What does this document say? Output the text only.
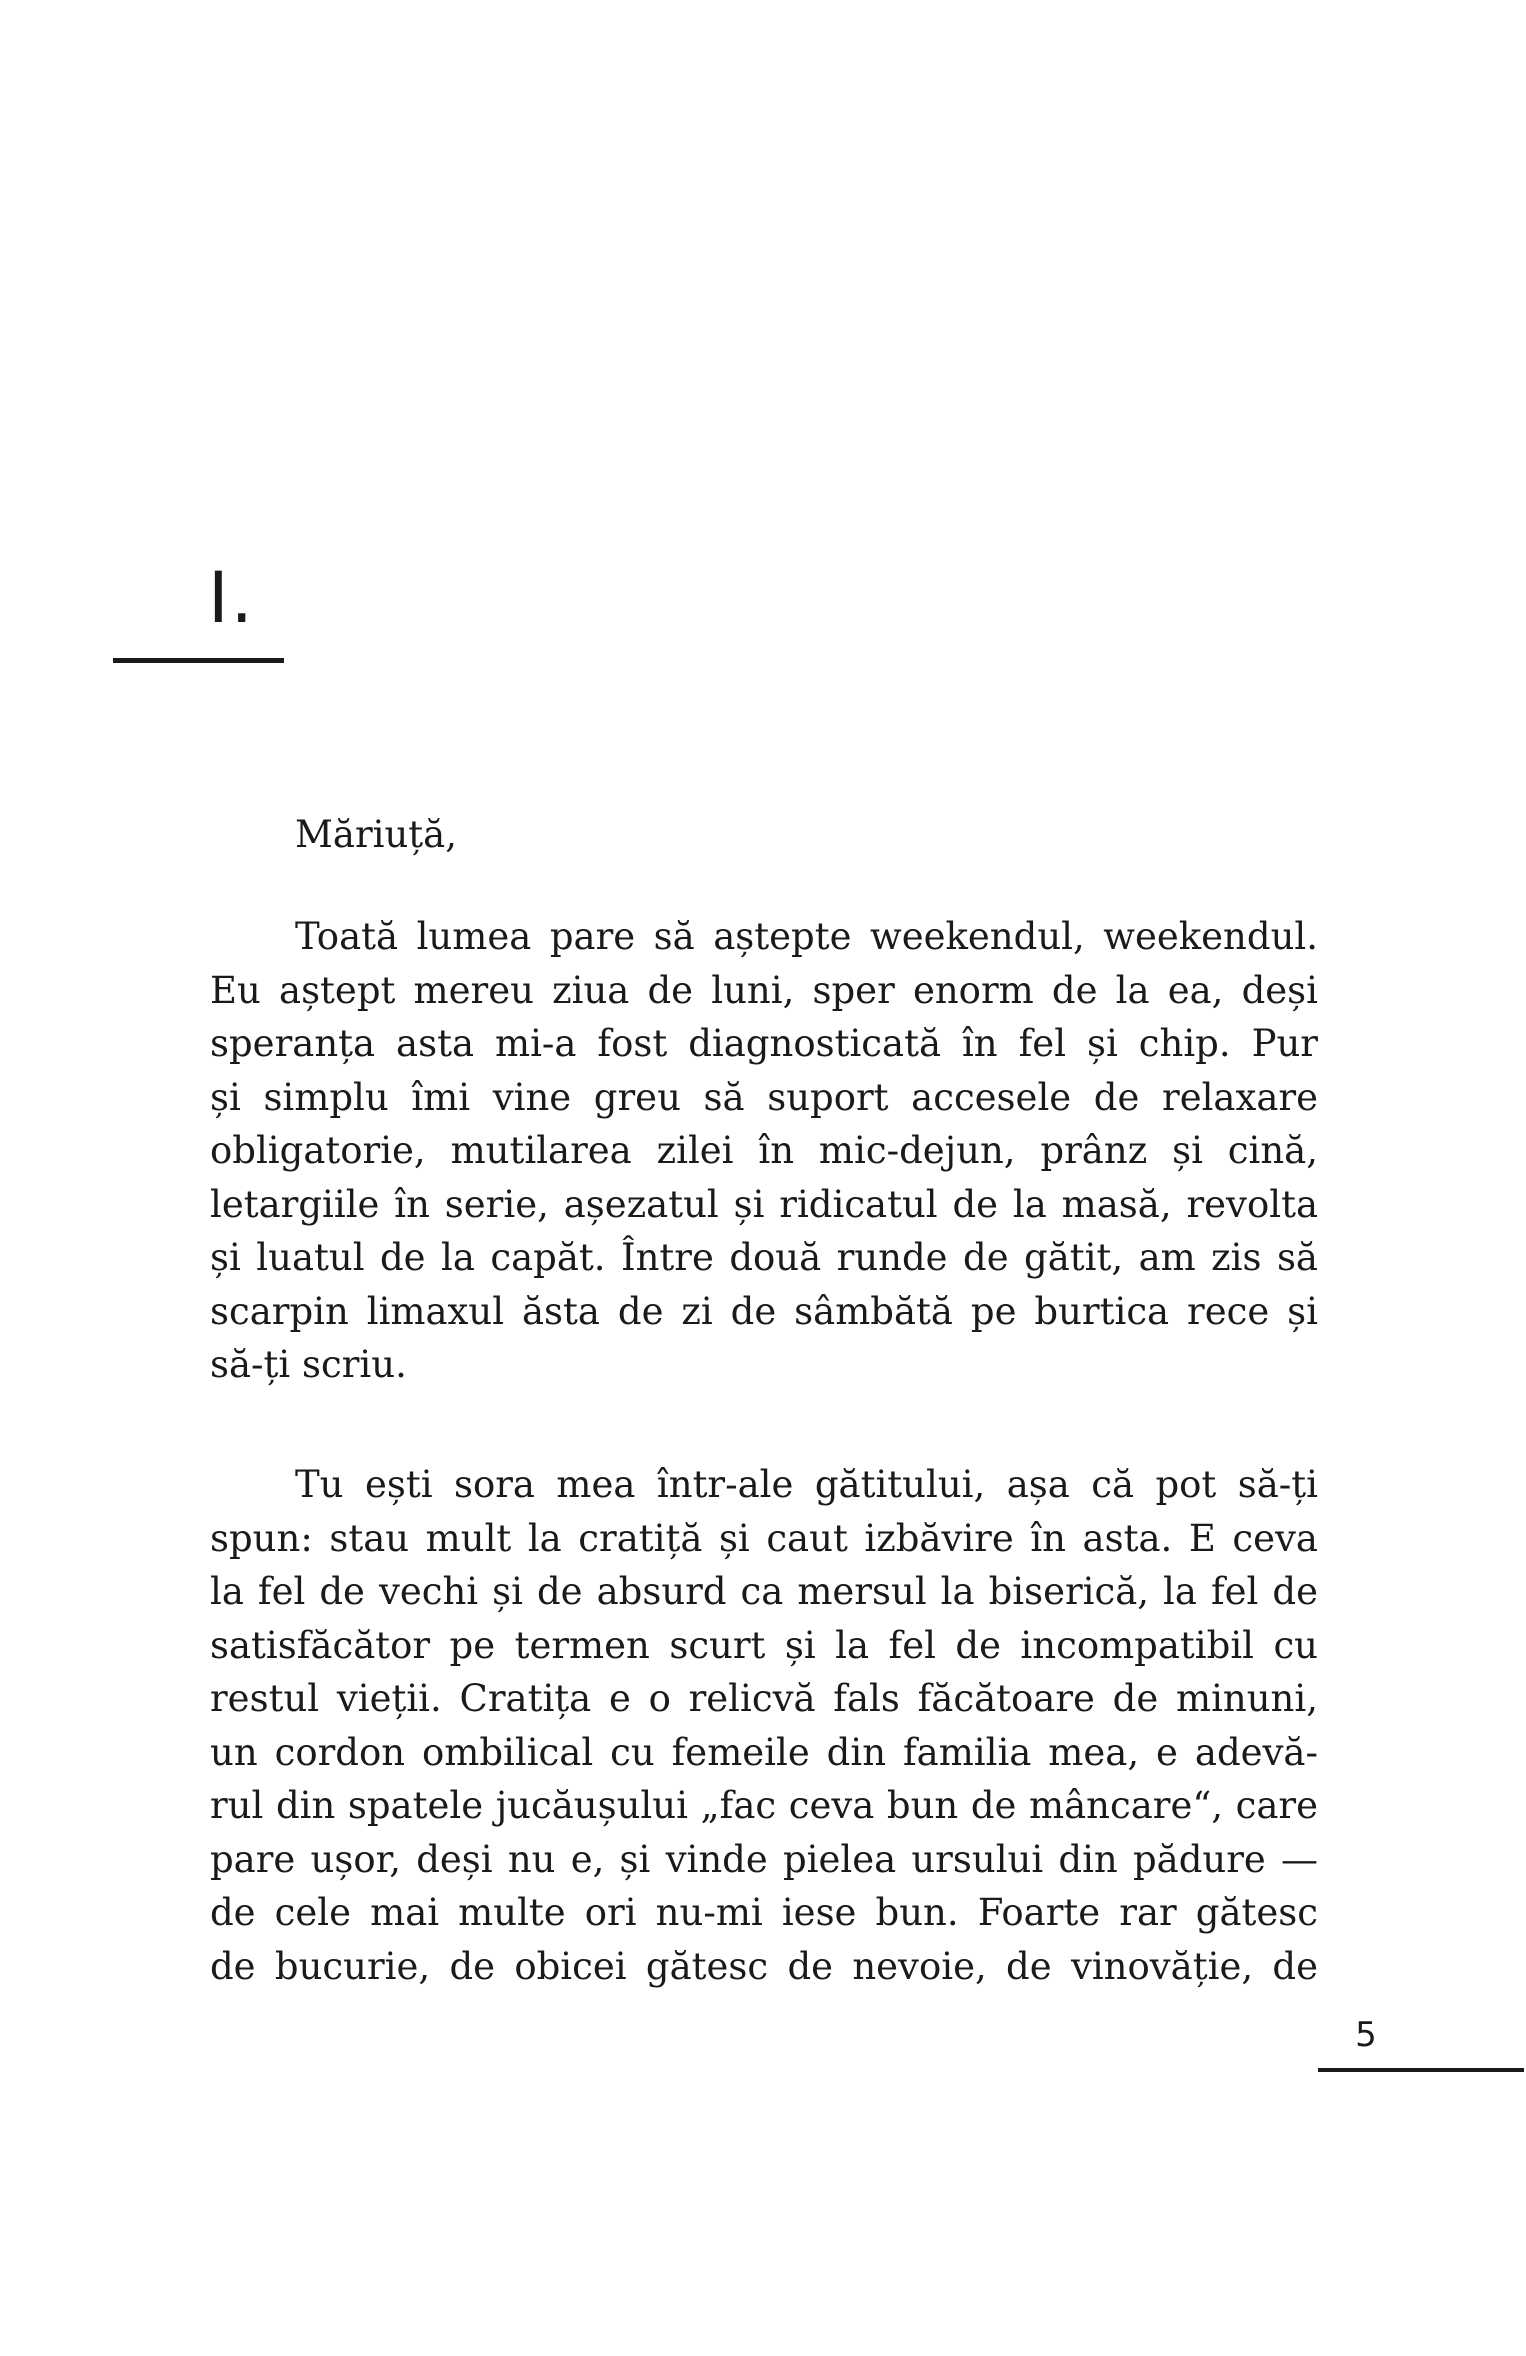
I.
Măriuță,
Toată lumea pare să aștepte weekendul, weekendul.
Eu aștept mereu ziua de luni, sper enorm de la ea, deși
speranța asta mi-a fost diagnosticată în fel și chip. Pur
și simplu îmi vine greu să suport accesele de relaxare
obligatorie, mutilarea zilei în mic-dejun, prânz și cină,
letargiile în serie, așezatul și ridicatul de la masă, revolta
și luatul de la capăt. Între două runde de gătit, am zis să
scarpin limaxul ăsta de zi de sâmbătă pe burtica rece și
să-ți scriu.
Tu ești sora mea într-ale gătitului, așa că pot să-ți
spun: stau mult la cratiță și caut izbăvire în asta. E ceva
la fel de vechi și de absurd ca mersul la biserică, la fel de
satisfăcător pe termen scurt și la fel de incompatibil cu
restul vieții. Cratița e o relicvă fals făcătoare de minuni,
un cordon ombilical cu femeile din familia mea, e adevă-
rul din spatele jucăușului „fac ceva bun de mâncare“, care
pare ușor, deși nu e, și vinde pielea ursului din pădure —
de cele mai multe ori nu-mi iese bun. Foarte rar gătesc
de bucurie, de obicei gătesc de nevoie, de vinovăție, de
5
